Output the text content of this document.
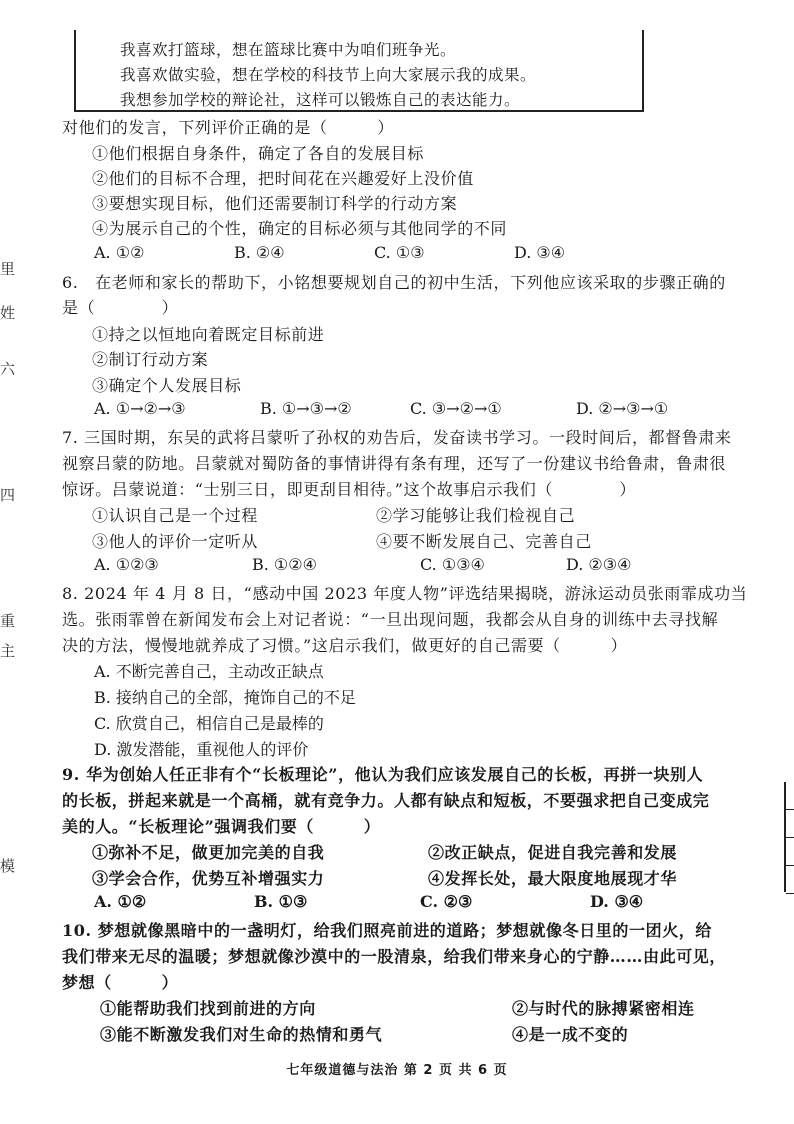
里
姓
六
四
重
主
模
我喜欢打篮球，想在篮球比赛中为咱们班争光。
我喜欢做实验，想在学校的科技节上向大家展示我的成果。
我想参加学校的辩论社，这样可以锻炼自己的表达能力。
对他们的发言，下列评价正确的是（　　　）
①他们根据自身条件，确定了各自的发展目标
②他们的目标不合理，把时间花在兴趣爱好上没价值
③要想实现目标，他们还需要制订科学的行动方案
④为展示自己的个性，确定的目标必须与其他同学的不同
A. ①②	B. ②④	C. ①③	D. ③④
6.　在老师和家长的帮助下，小铭想要规划自己的初中生活，下列他应该采取的步骤正确的
是（　　　　）
①持之以恒地向着既定目标前进
②制订行动方案
③确定个人发展目标
A. ①→②→③	B. ①→③→②	C. ③→②→①	D. ②→③→①
7. 三国时期，东吴的武将吕蒙听了孙权的劝告后，发奋读书学习。一段时间后，都督鲁肃来
视察吕蒙的防地。吕蒙就对蜀防备的事情讲得有条有理，还写了一份建议书给鲁肃，鲁肃很
惊讶。吕蒙说道：“士别三日，即更刮目相待。”这个故事启示我们（　　　　）
①认识自己是一个过程	②学习能够让我们检视自己
③他人的评价一定听从	④要不断发展自己、完善自己
A. ①②③	B. ①②④	C. ①③④	D. ②③④
8. 2024 年 4 月 8 日，“感动中国 2023 年度人物”评选结果揭晓，游泳运动员张雨霏成功当
选。张雨霏曾在新闻发布会上对记者说：“一旦出现问题，我都会从自身的训练中去寻找解
决的方法，慢慢地就养成了习惯。”这启示我们，做更好的自己需要（　　　）
A. 不断完善自己，主动改正缺点
B. 接纳自己的全部，掩饰自己的不足
C. 欣赏自己，相信自己是最棒的
D. 激发潜能，重视他人的评价
9. 华为创始人任正非有个“长板理论”，他认为我们应该发展自己的长板，再拼一块别人
的长板，拼起来就是一个高桶，就有竞争力。人都有缺点和短板，不要强求把自己变成完
美的人。“长板理论”强调我们要（　　　）
①弥补不足，做更加完美的自我	②改正缺点，促进自我完善和发展
③学会合作，优势互补增强实力	④发挥长处，最大限度地展现才华
A. ①②	B. ①③	C. ②③	D. ③④
10. 梦想就像黑暗中的一盏明灯，给我们照亮前进的道路；梦想就像冬日里的一团火，给
我们带来无尽的温暖；梦想就像沙漠中的一股清泉，给我们带来身心的宁静……由此可见，
梦想（　　　）
①能帮助我们找到前进的方向	②与时代的脉搏紧密相连
③能不断激发我们对生命的热情和勇气	④是一成不变的
七年级道德与法治 第 2 页 共 6 页
